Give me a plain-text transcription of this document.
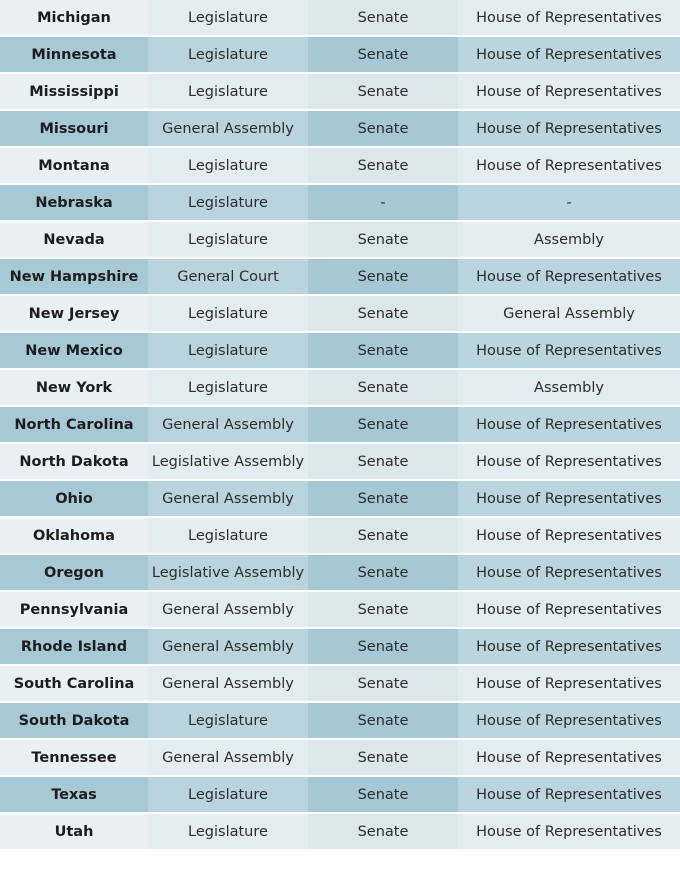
Michigan	Legislature	Senate	House of Representatives
Minnesota	Legislature	Senate	House of Representatives
Mississippi	Legislature	Senate	House of Representatives
Missouri	General Assembly	Senate	House of Representatives
Montana	Legislature	Senate	House of Representatives
Nebraska	Legislature	-	-
Nevada	Legislature	Senate	Assembly
New Hampshire	General Court	Senate	House of Representatives
New Jersey	Legislature	Senate	General Assembly
New Mexico	Legislature	Senate	House of Representatives
New York	Legislature	Senate	Assembly
North Carolina	General Assembly	Senate	House of Representatives
North Dakota	Legislative Assembly	Senate	House of Representatives
Ohio	General Assembly	Senate	House of Representatives
Oklahoma	Legislature	Senate	House of Representatives
Oregon	Legislative Assembly	Senate	House of Representatives
Pennsylvania	General Assembly	Senate	House of Representatives
Rhode Island	General Assembly	Senate	House of Representatives
South Carolina	General Assembly	Senate	House of Representatives
South Dakota	Legislature	Senate	House of Representatives
Tennessee	General Assembly	Senate	House of Representatives
Texas	Legislature	Senate	House of Representatives
Utah	Legislature	Senate	House of Representatives
